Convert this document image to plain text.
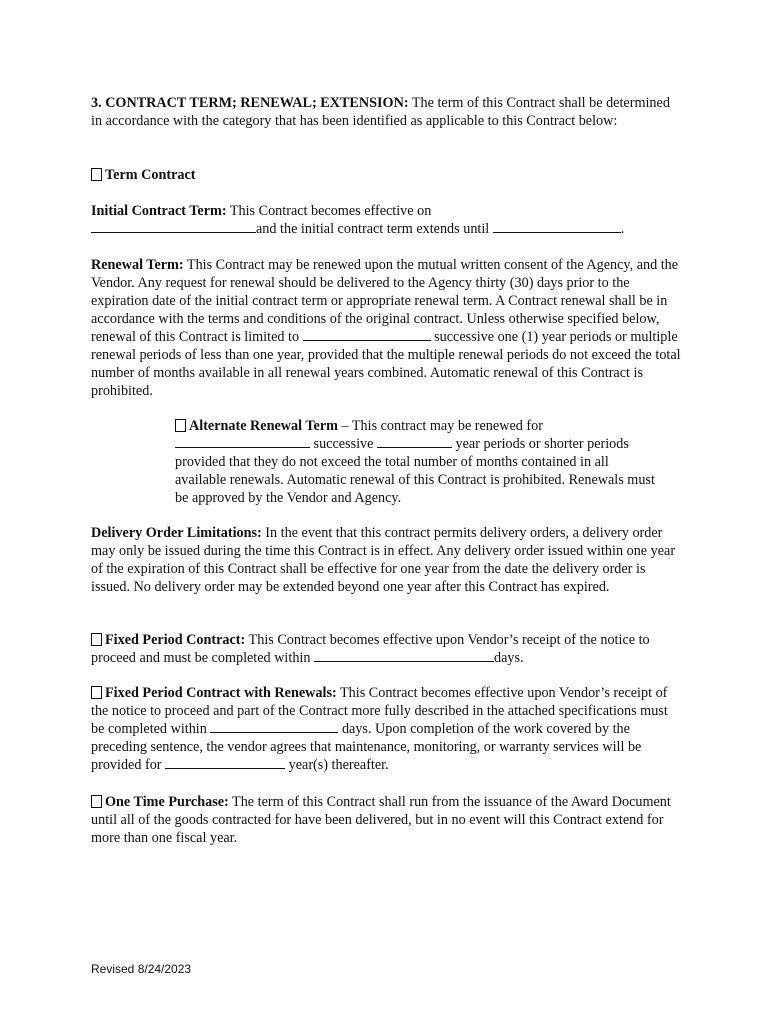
3. CONTRACT TERM; RENEWAL; EXTENSION: The term of this Contract shall be determined in accordance with the category that has been identified as applicable to this Contract below:

Term Contract

Initial Contract Term: This Contract becomes effective on
and the initial contract term extends until	.

Renewal Term: This Contract may be renewed upon the mutual written consent of the Agency, and the Vendor. Any request for renewal should be delivered to the Agency thirty (30) days prior to the expiration date of the initial contract term or appropriate renewal term. A Contract renewal shall be in accordance with the terms and conditions of the original contract. Unless otherwise specified below, renewal of this Contract is limited to	successive one (1) year periods or multiple renewal periods of less than one year, provided that the multiple renewal periods do not exceed the total number of months available in all renewal years combined. Automatic renewal of this Contract is prohibited.

Alternate Renewal Term – This contract may be renewed for  successive	year periods or shorter periods provided that they do not exceed the total number of months contained in all available renewals. Automatic renewal of this Contract is prohibited. Renewals must be approved by the Vendor and Agency.

Delivery Order Limitations: In the event that this contract permits delivery orders, a delivery order may only be issued during the time this Contract is in effect. Any delivery order issued within one year of the expiration of this Contract shall be effective for one year from the date the delivery order is issued. No delivery order may be extended beyond one year after this Contract has expired.

Fixed Period Contract: This Contract becomes effective upon Vendor’s receipt of the notice to proceed and must be completed within	days.

Fixed Period Contract with Renewals: This Contract becomes effective upon Vendor’s receipt of the notice to proceed and part of the Contract more fully described in the attached specifications must be completed within	days. Upon completion of the work covered by the preceding sentence, the vendor agrees that maintenance, monitoring, or warranty services will be provided for	year(s) thereafter.

One Time Purchase: The term of this Contract shall run from the issuance of the Award Document until all of the goods contracted for have been delivered, but in no event will this Contract extend for more than one fiscal year.

Revised 8/24/2023
